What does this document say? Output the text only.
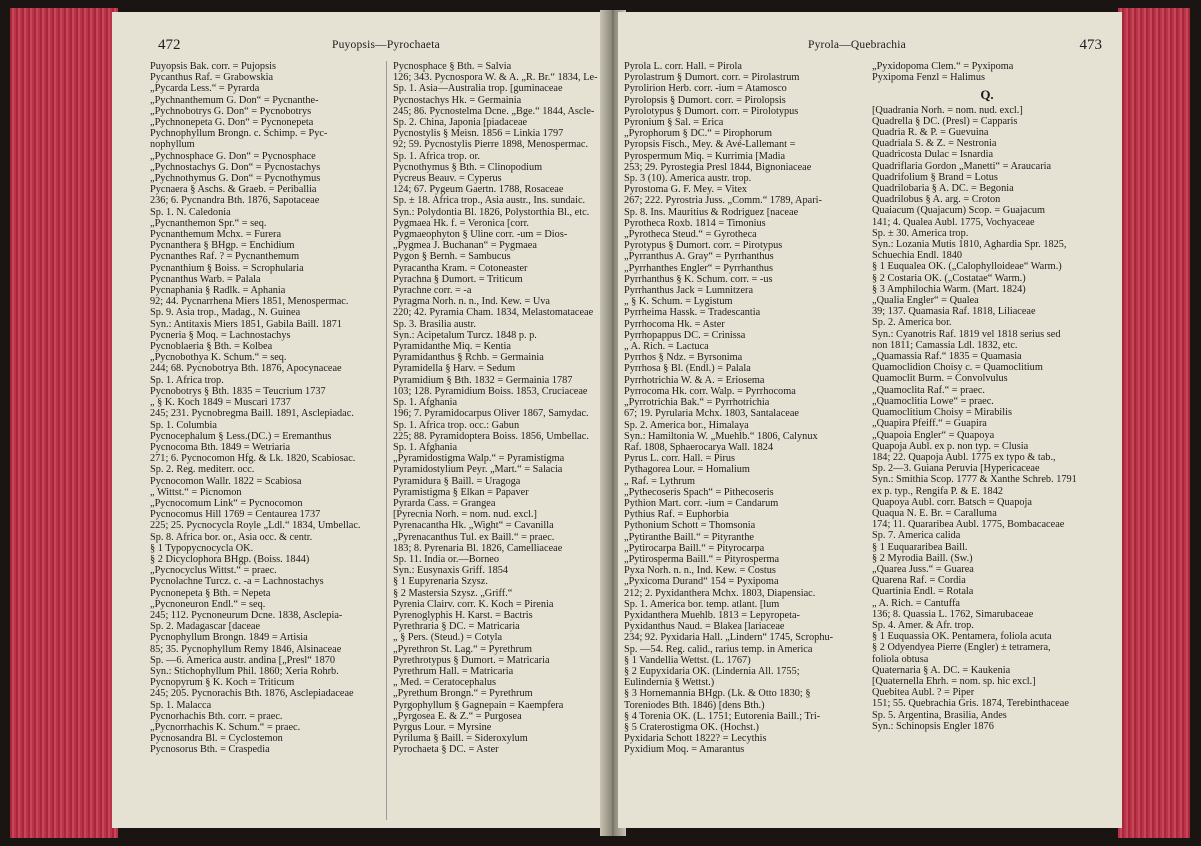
472	Puyopsis—Pyrochaeta
Puyopsis Bak. corr. = Pujopsis
Pycanthus Raf. = Grabowskia
„Pycarda Less.“ = Pyrarda
„Pychnanthemum G. Don“ = Pycnanthe-
„Pychnobotrys G. Don“ = Pycnobotrys
„Pychnonepeta G. Don“ = Pycnonepeta
Pychnophyllum Brongn. c. Schimp. = Pyc-
nophyllum
„Pychnosphace G. Don“ = Pycnosphace
„Pychnostachys G. Don“ = Pycnostachys
„Pychnothymus G. Don“ = Pycnothymus
Pycnaera § Aschs. & Graeb. = Periballia
236; 6. Pycnandra Bth. 1876, Sapotaceae
Sp. 1. N. Caledonia
„Pycnanthemon Spr.“ = seq.
Pycnanthemum Mchx. = Furera
Pycnanthera § BHgp. = Enchidium
Pycnanthes Raf. ? = Pycnanthemum
Pycnanthium § Boiss. = Scrophularia
Pycnanthus Warb. = Palala
Pycnaphania § Radlk. = Aphania
92; 44. Pycnarrhena Miers 1851, Menospermac.
Sp. 9. Asia trop., Madag., N. Guinea
Syn.: Antitaxis Miers 1851, Gabila Baill. 1871
Pycneria § Moq. = Lachnostachys
Pycnoblaeria § Bth. = Kolbea
„Pycnobothya K. Schum.“ = seq.
244; 68. Pycnobotrya Bth. 1876, Apocynaceae
Sp. 1. Africa trop.
Pycnobotrys § Bth. 1835 = Teucrium 1737
„ § K. Koch 1849 = Muscari 1737
245; 231. Pycnobregma Baill. 1891, Asclepiadac.
Sp. 1. Columbia
Pycnocephalum § Less.(DC.) = Eremanthus
Pycnocoma Bth. 1849 = Wetriaria
271; 6. Pycnocomon Hfg. & Lk. 1820, Scabiosac.
Sp. 2. Reg. mediterr. occ.
Pycnocomon Wallr. 1822 = Scabiosa
„ Wittst.“ = Picnomon
„Pycnocomum Link“ = Pycnocomon
Pycnocomus Hill 1769 = Centaurea 1737
225; 25. Pycnocycla Royle „Ldl.“ 1834, Umbellac.
Sp. 8. Africa bor. or., Asia occ. & centr.
§ 1 Typopycnocycla OK.
§ 2 Dicyclophora BHgp. (Boiss. 1844)
„Pycnocyclus Wittst.“ = praec.
Pycnolachne Turcz. c. -a = Lachnostachys
Pycnonepeta § Bth. = Nepeta
„Pycnoneuron Endl.“ = seq.
245; 112. Pycnoneurum Dcne. 1838, Asclepia-
Sp. 2. Madagascar [daceae
Pycnophyllum Brongn. 1849 = Artisia
85; 35. Pycnophyllum Remy 1846, Alsinaceae
Sp. —6. America austr. andina [„Presl“ 1870
Syn.: Stichophyllum Phil. 1860; Xeria Rohrb.
Pycnopyrum § K. Koch = Triticum
245; 205. Pycnorachis Bth. 1876, Asclepiadaceae
Sp. 1. Malacca
Pycnorhachis Bth. corr. = praec.
„Pycnorrhachis K. Schum.“ = praec.
Pycnosandra Bl. = Cyclostemon
Pycnosorus Bth. = Craspedia
Pycnosphace § Bth. = Salvia
126; 343. Pycnospora W. & A. „R. Br.“ 1834, Le-
Sp. 1. Asia—Australia trop. [guminaceae
Pycnostachys Hk. = Germainia
245; 86. Pycnostelma Dcne. „Bge.“ 1844, Ascle-
Sp. 2. China, Japonia [piadaceae
Pycnostylis § Meisn. 1856 = Linkia 1797
92; 59. Pycnostylis Pierre 1898, Menospermac.
Sp. 1. Africa trop. or.
Pycnothymus § Bth. = Clinopodium
Pycreus Beauv. = Cyperus
124; 67. Pygeum Gaertn. 1788, Rosaceae
Sp. ± 18. Africa trop., Asia austr., Ins. sundaic.
Syn.: Polydontia Bl. 1826, Polystorthia Bl., etc.
Pygmaea Hk. f. = Veronica [corr.
Pygmaeophyton § Uline corr. -um = Dios-
„Pygmea J. Buchanan“ = Pygmaea
Pygon § Bernh. = Sambucus
Pyracantha Kram. = Cotoneaster
Pyrachna § Dumort. = Triticum
Pyrachne corr. = -a
Pyragma Norh. n. n., Ind. Kew. = Uva
220; 42. Pyramia Cham. 1834, Melastomataceae
Sp. 3. Brasilia austr.
Syn.: Acipetalum Turcz. 1848 p. p.
Pyramidanthe Miq. = Kentia
Pyramidanthus § Rchb. = Germainia
Pyramidella § Harv. = Sedum
Pyramidium § Bth. 1832 = Germainia 1787
103; 128. Pyramidium Boiss. 1853, Cruciaceae
Sp. 1. Afghania
196; 7. Pyramidocarpus Oliver 1867, Samydac.
Sp. 1. Africa trop. occ.: Gabun
225; 88. Pyramidoptera Boiss. 1856, Umbellac.
Sp. 1. Afghania
„Pyramidostigma Walp.“ = Pyramistigma
Pyramidostylium Peyr. „Mart.“ = Salacia
Pyramidura § Baill. = Uragoga
Pyramistigma § Elkan = Papaver
Pyrarda Cass. = Grangea
[Pyrecnia Norh. = nom. nud. excl.]
Pyrenacantha Hk. „Wight“ = Cavanilla
„Pyrenacanthus Tul. ex Baill.“ = praec.
183; 8. Pyrenaria Bl. 1826, Camelliaceae
Sp. 11. India or.—Borneo
Syn.: Eusynaxis Griff. 1854
§ 1 Eupyrenaria Szysz.
§ 2 Mastersia Szysz. „Griff.“
Pyrenia Clairv. corr. K. Koch = Pirenia
Pyrenoglyphis H. Karst. = Bactris
Pyrethraria § DC. = Matricaria
„ § Pers. (Steud.) = Cotyla
„Pyrethron St. Lag.“ = Pyrethrum
Pyrethrotypus § Dumort. = Matricaria
Pyrethrum Hall. = Matricaria
„ Med. = Ceratocephalus
„Pyrethum Brongn.“ = Pyrethrum
Pyrgophyllum § Gagnepain = Kaempfera
„Pyrgosea E. & Z.“ = Purgosea
Pyrgus Lour. = Myrsine
Pyriluma § Baill. = Sideroxylum
Pyrochaeta § DC. = Aster
Pyrola—Quebrachia	473
Pyrola L. corr. Hall. = Pirola
Pyrolastrum § Dumort. corr. = Pirolastrum
Pyrolirion Herb. corr. -ium = Atamosco
Pyrolopsis § Dumort. corr. = Pirolopsis
Pyrolotypus § Dumort. corr. = Pirolotypus
Pyronium § Sal. = Erica
„Pyrophorum § DC.“ = Pirophorum
Pyropsis Fisch., Mey. & Avé-Lallemant =
Pyrospermum Miq. = Kurrimia [Madia
253; 29. Pyrostegia Presl 1844, Bignoniaceae
Sp. 3 (10). America austr. trop.
Pyrostoma G. F. Mey. = Vitex
267; 222. Pyrostria Juss. „Comm.“ 1789, Apari-
Sp. 8. Ins. Mauritius & Rodriguez [naceae
Pyrotheca Roxb. 1814 = Timonius
„Pyrotheca Steud.“ = Gyrotheca
Pyrotypus § Dumort. corr. = Pirotypus
„Pyrranthus A. Gray“ = Pyrrhanthus
„Pyrrhanthes Engler“ = Pyrrhanthus
Pyrrhanthus § K. Schum. corr. = -us
Pyrrhanthus Jack = Lumnitzera
„ § K. Schum. = Lygistum
Pyrrheima Hassk. = Tradescantia
Pyrrhocoma Hk. = Aster
Pyrrhopappus DC. = Crinissa
„ A. Rich. = Lactuca
Pyrrhos § Ndz. = Byrsonima
Pyrrhosa § Bl. (Endl.) = Palala
Pyrrhotrichia W. & A. = Eriosema
Pyrrocoma Hk. corr. Walp. = Pyrrhocoma
„Pyrrotrichia Bak.“ = Pyrrhotrichia
67; 19. Pyrularia Mchx. 1803, Santalaceae
Sp. 2. America bor., Himalaya
Syn.: Hamiltonia W. „Muehlb.“ 1806, Calynux
Raf. 1808, Sphaerocarya Wall. 1824
Pyrus L. corr. Hall. = Pirus
Pythagorea Lour. = Homalium
„ Raf. = Lythrum
„Pythecoseris Spach“ = Pithecoseris
Pythion Mart. corr. -ium = Candarum
Pythius Raf. = Euphorbia
Pythonium Schott = Thomsonia
„Pytiranthe Baill.“ = Pityranthe
„Pytirocarpa Baill.“ = Pityrocarpa
„Pytirosperma Baill.“ = Pityrosperma
Pyxa Norh. n. n., Ind. Kew. = Costus
„Pyxicoma Durand“ 154 = Pyxipoma
212; 2. Pyxidanthera Mchx. 1803, Diapensiac.
Sp. 1. America bor. temp. atlant. [lum
Pyxidanthera Muehlb. 1813 = Lepyropeta-
Pyxidanthus Naud. = Blakea [lariaceae
234; 92. Pyxidaria Hall. „Lindern“ 1745, Scrophu-
Sp. —54. Reg. calid., rarius temp. in America
§ 1 Vandellia Wettst. (L. 1767)
§ 2 Eupyxidaria OK. (Lindernia All. 1755;
Eulindernia § Wettst.)
§ 3 Hornemannia BHgp. (Lk. & Otto 1830; §
Toreniodes Bth. 1846) [dens Bth.)
§ 4 Torenia OK. (L. 1751; Eutorenia Baill.; Tri-
§ 5 Craterostigma OK. (Hochst.)
Pyxidaria Schott 1822? = Lecythis
Pyxidium Moq. = Amarantus
„Pyxidopoma Clem.“ = Pyxipoma
Pyxipoma Fenzl = Halimus
Q.
[Quadrania Norh. = nom. nud. excl.]
Quadrella § DC. (Presl) = Capparis
Quadria R. & P. = Guevuina
Quadriala S. & Z. = Nestronia
Quadricosta Dulac = Isnardia
Quadriflaria Gordon „Manetti“ = Araucaria
Quadrifolium § Brand = Lotus
Quadrilobaria § A. DC. = Begonia
Quadrilobus § A. arg. = Croton
Quaiacum (Quajacum) Scop. = Guajacum
141; 4. Qualea Aubl. 1775, Vochyaceae
Sp. ± 30. America trop.
Syn.: Lozania Mutis 1810, Aghardia Spr. 1825,
Schuechia Endl. 1840
§ 1 Euqualea OK. („Calophylloideae“ Warm.)
§ 2 Costaria OK. („Costatae“ Warm.)
§ 3 Amphilochia Warm. (Mart. 1824)
„Qualia Engler“ = Qualea
39; 137. Quamasia Raf. 1818, Liliaceae
Sp. 2. America bor.
Syn.: Cyanotris Raf. 1819 vel 1818 serius sed
non 1811; Camassia Ldl. 1832, etc.
„Quamassia Raf.“ 1835 = Quamasia
Quamoclidion Choisy c. = Quamoclitium
Quamoclit Burm. = Convolvulus
„Quamoclita Raf.“ = praec.
„Quamoclitia Lowe“ = praec.
Quamoclitium Choisy = Mirabilis
„Quapira Pfeiff.“ = Guapira
„Quapoia Engler“ = Quapoya
Quapoja Aubl. ex p. non typ. = Clusia
184; 22. Quapoja Aubl. 1775 ex typo & tab.,
Sp. 2—3. Guiana Peruvia [Hypericaceae
Syn.: Smithia Scop. 1777 & Xanthe Schreb. 1791
ex p. typ., Rengifa P. & E. 1842
Quapoya Aubl. corr. Batsch = Quapoja
Quaqua N. E. Br. = Caralluma
174; 11. Quararibea Aubl. 1775, Bombacaceae
Sp. 7. America calida
§ 1 Euquararibea Baill.
§ 2 Myrodia Baill. (Sw.)
„Quarea Juss.“ = Guarea
Quarena Raf. = Cordia
Quartinia Endl. = Rotala
„ A. Rich. = Cantuffa
136; 8. Quassia L. 1762, Simarubaceae
Sp. 4. Amer. & Afr. trop.
§ 1 Euquassia OK. Pentamera, foliola acuta
§ 2 Odyendyea Pierre (Engler) ± tetramera,
foliola obtusa
Quaternaria § A. DC. = Kaukenia
[Quaternella Ehrh. = nom. sp. hic excl.]
Quebitea Aubl. ? = Piper
151; 55. Quebrachia Gris. 1874, Terebinthaceae
Sp. 5. Argentina, Brasilia, Andes
Syn.: Schinopsis Engler 1876
